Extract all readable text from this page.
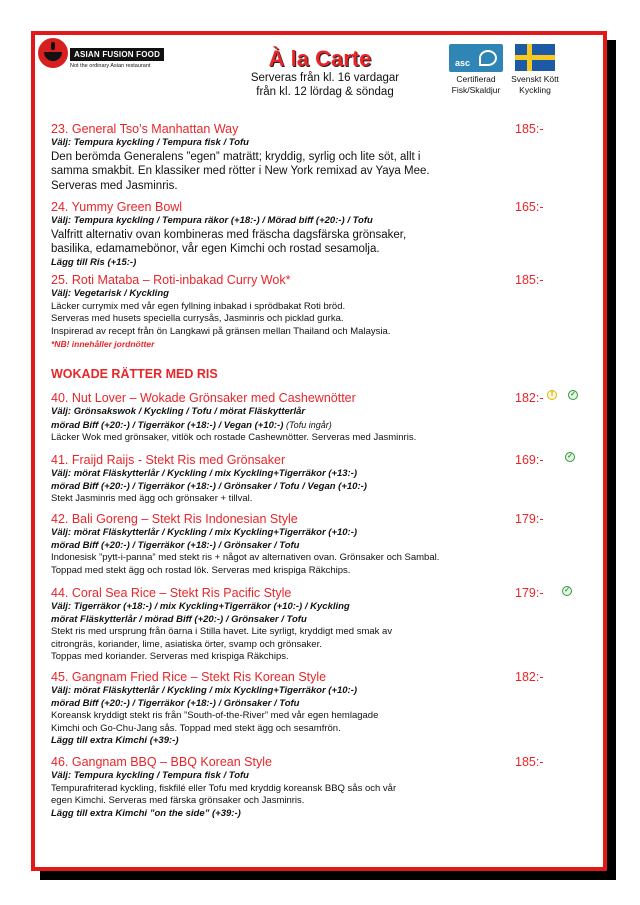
ASIAN FUSION FOOD
Not the ordinary Asian restaurant	À la Carte
Serveras från kl. 16 vardagar
från kl. 12 lördag & söndag
asc
Certifierad
Fisk/Skaldjur
Svenskt Kött
Kyckling
23. General Tso’s Manhattan Way
Välj: Tempura kyckling / Tempura fisk / Tofu
Den berömda Generalens ”egen” maträtt; kryddig, syrlig och lite söt, allt i
samma smakbit. En klassiker med rötter i New York remixad av Yaya Mee.
Serveras med Jasminris.
185:-
24. Yummy Green Bowl
Välj: Tempura kyckling / Tempura räkor (+18:-) / Mörad biff (+20:-) / Tofu
Valfritt alternativ ovan kombineras med fräscha dagsfärska grönsaker,
basilika, edamamebönor, vår egen Kimchi och rostad sesamolja.
Lägg till Ris (+15:-)
165:-
25. Roti Mataba – Roti-inbakad Curry Wok*
Välj: Vegetarisk / Kyckling
Läcker currymix med vår egen fyllning inbakad i sprödbakat Roti bröd.
Serveras med husets speciella currysås, Jasminris och picklad gurka.
Inspirerad av recept från ön Langkawi på gränsen mellan Thailand och Malaysia.
*NB! innehåller jordnötter
185:-
WOKADE RÄTTER MED RIS
40. Nut Lover – Wokade Grönsaker med Cashewnötter
Välj: Grönsakswok / Kyckling / Tofu / mörat Fläskytterlår
mörad Biff (+20:-) / Tigerräkor (+18:-) / Vegan (+10:-) (Tofu ingår)
Läcker Wok med grönsaker, vitlök och rostade Cashewnötter. Serveras med Jasminris.
182:-	!	✓
41. Fraijd Raijs - Stekt Ris med Grönsaker
Välj: mörat Fläskytterlår / Kyckling / mix Kyckling+Tigerräkor (+13:-)
mörad Biff (+20:-) / Tigerräkor (+18:-) / Grönsaker / Tofu / Vegan (+10:-)
Stekt Jasminris med ägg och grönsaker + tillval.
169:-	✓
42. Bali Goreng – Stekt Ris Indonesian Style
Välj: mörat Fläskytterlår / Kyckling / mix Kyckling+Tigerräkor (+10:-)
mörad Biff (+20:-) / Tigerräkor (+18:-) / Grönsaker / Tofu
Indonesisk ”pytt-i-panna” med stekt ris + något av alternativen ovan. Grönsaker och Sambal.
Toppad med stekt ägg och rostad lök. Serveras med krispiga Räkchips.
179:-
44. Coral Sea Rice – Stekt Ris Pacific Style
Välj: Tigerräkor (+18:-) / mix Kyckling+Tigerräkor (+10:-) / Kyckling
mörat Fläskytterlår / mörad Biff (+20:-) / Grönsaker / Tofu
Stekt ris med ursprung från öarna i Stilla havet. Lite syrligt, kryddigt med smak av
citrongräs, koriander, lime, asiatiska örter, svamp och grönsaker.
Toppas med koriander. Serveras med krispiga Räkchips.
179:-	✓
45. Gangnam Fried Rice – Stekt Ris Korean Style
Välj: mörat Fläskytterlår / Kyckling / mix Kyckling+Tigerräkor (+10:-)
mörad Biff (+20:-) / Tigerräkor (+18:-) / Grönsaker / Tofu
Koreansk kryddigt stekt ris från ”South-of-the-River” med vår egen hemlagade
Kimchi och Go-Chu-Jang sås. Toppad med stekt ägg och sesamfrön.
Lägg till extra Kimchi (+39:-)
182:-
46. Gangnam BBQ – BBQ Korean Style
Välj: Tempura kyckling / Tempura fisk / Tofu
Tempurafriterad kyckling, fiskfilé eller Tofu med kryddig koreansk BBQ sås och vår
egen Kimchi. Serveras med färska grönsaker och Jasminris.
Lägg till extra Kimchi ”on the side” (+39:-)
185:-
